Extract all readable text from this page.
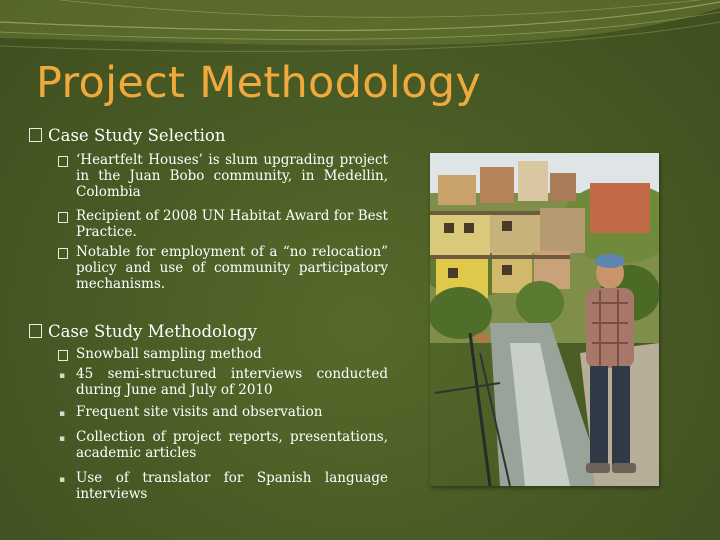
Project Methodology
Case Study Selection
‘Heartfelt Houses’ is slum upgrading project in the Juan Bobo community, in Medellin, Colombia
Recipient of 2008 UN Habitat Award for Best Practice.
Notable for employment of a “no relocation” policy and use of community participatory mechanisms.
Case Study Methodology
Snowball sampling method
▪ 45 semi-structured interviews conducted during June and July of 2010
▪ Frequent site visits and observation
▪ Collection of project reports, presentations, academic articles
▪ Use of translator for Spanish language interviews
